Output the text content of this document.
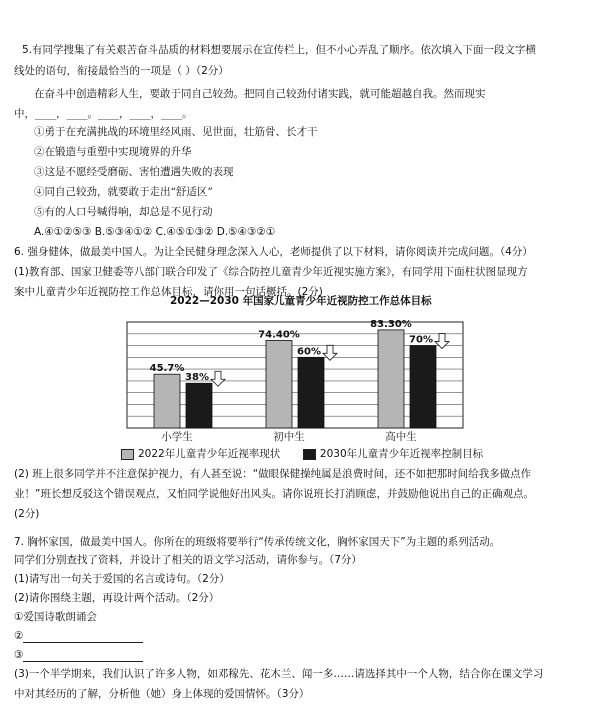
5.有同学搜集了有关艰苦奋斗品质的材料想要展示在宣传栏上，但不小心弄乱了顺序。依次填入下面一段文字横
线处的语句，衔接最恰当的一项是（ ）（2分）
在奋斗中创造精彩人生，要敢于同自己较劲。把同自己较劲付诸实践，就可能超越自我。然而现实
中，____，____。____，____，____。
①勇于在充满挑战的环境里经风雨、见世面，壮筋骨、长才干
②在锻造与重塑中实现境界的升华
③这是不愿经受磨砺、害怕遭遇失败的表现
④同自己较劲，就要敢于走出“舒适区”
⑤有的人口号喊得响，却总是不见行动
A.④①②⑤③ B.⑤③④①② C.④⑤①③② D.⑤④③②①
6. 强身健体，做最美中国人。为让全民健身理念深入人心，老师提供了以下材料，请你阅读并完成问题。（4分）
(1)教育部、国家卫健委等八部门联合印发了《综合防控儿童青少年近视实施方案》，有同学用下面柱状图显现方
案中儿童青少年近视防控工作总体目标，请你用一句话概括。(2分)
45.7%
38%
小学生
74.40%
60%
初中生
83.30%
70%
高中生
2022年儿童青少年近视率现状	2030年儿童青少年近视率控制目标
2022—2030 年国家儿童青少年近视防控工作总体目标
(2) 班上很多同学并不注意保护视力，有人甚至说：“做眼保健操纯属是浪费时间，还不如把那时间给我多做点作
业！”班长想反驳这个错误观点，又怕同学说他好出风头。请你说班长打消顾虑，并鼓励他说出自己的正确观点。
(2分)
7. 胸怀家国，做最美中国人。你所在的班级将要举行“传承传统文化，胸怀家国天下”为主题的系列活动。
同学们分别查找了资料，并设计了相关的语文学习活动，请你参与。（7分）
(1)请写出一句关于爱国的名言或诗句。（2分）
(2)请你围绕主题，再设计两个活动。（2分）
①爱国诗歌朗诵会
②
③
(3)一个半学期来，我们认识了许多人物，如邓稼先、花木兰、闻一多……请选择其中一个人物，结合你在课文学习
中对其经历的了解，分析他（她）身上体现的爱国情怀。（3分）
